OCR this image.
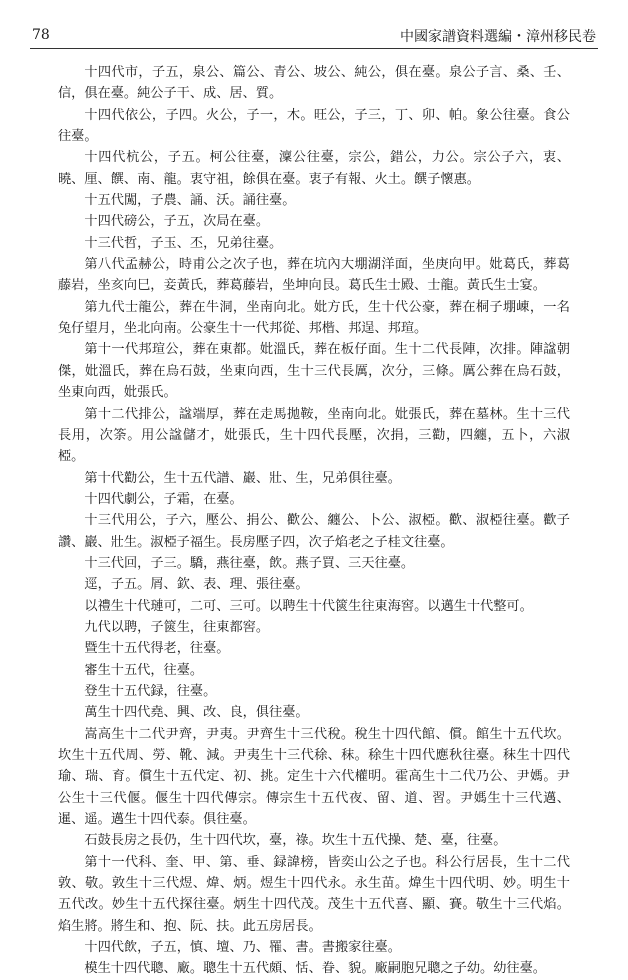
78	中國家譜資料選編・漳州移民卷

十四代市，子五，泉公、篇公、青公、坡公、純公，俱在臺。泉公子言、桑、壬、信，俱在臺。純公子干、成、居、質。

十四代依公，子四。火公，子一，木。旺公，子三，丁、卯、帕。象公往臺。食公往臺。

十四代杭公，子五。柯公往臺，澟公往臺，宗公，錯公，力公。宗公子六，衷、曉、厘、饌、南、龍。衷守祖，餘俱在臺。衷子有報、火土。饌子懷惠。

十五代闖，子農、誦、沃。誦往臺。

十四代磅公，子五，次局在臺。

十三代哲，子玉、丕，兄弟往臺。

第八代孟赫公，時甫公之次子也，葬在坑內大堋湖洋面，坐庚向甲。妣葛氏，葬葛藤岩，坐亥向巳，妾黃氏，葬葛藤岩，坐坤向艮。葛氏生士殿、士龍。黃氏生士宴。

第九代士龍公，葬在牛洞，坐南向北。妣方氏，生十代公豪，葬在桐子堋崠，一名兔仔望月，坐北向南。公豪生十一代邦從、邦楷、邦逞、邦瑄。

第十一代邦瑄公，葬在東都。妣溫氏，葬在板仔面。生十二代長陣，次排。陣諡朝傑，妣溫氏，葬在烏石鼓，坐東向西，生十三代長厲，次分，三條。厲公葬在烏石鼓，坐東向西，妣張氏。

第十二代排公，諡端厚，葬在走馬拋鞍，坐南向北。妣張氏，葬在墓林。生十三代長用，次筡。用公諡儲才，妣張氏，生十四代長壓，次捐，三勸，四纏，五卜，六淑椏。

第十代勸公，生十五代譜、巖、壯、生，兄弟俱往臺。

十四代劇公，子霜，在臺。

十三代用公，子六，壓公、捐公、歡公、纏公、卜公、淑椏。歡、淑椏往臺。歡子讚、巖、壯生。淑椏子福生。長房壓子四，次子焰老之子桂文往臺。

十三代回，子三。驕，燕往臺，飲。燕子買、三天往臺。

逕，子五。屑、欽、表、理、張往臺。

以禮生十代璉可，二可、三可。以聘生十代篋生往東海窖。以邁生十代整可。

九代以聘，子篋生，往東都窖。

暨生十五代得老，往臺。

審生十五代，往臺。

登生十五代録，往臺。

萬生十四代堯、興、改、良，俱往臺。

嵩高生十二代尹齊，尹夷。尹齊生十三代稅。稅生十四代館、償。館生十五代坎。坎生十五代周、勞、靴、減。尹夷生十三代稌、秣。稌生十四代應秋往臺。秣生十四代瑜、瑞、育。償生十五代定、初、挑。定生十六代權明。霍高生十二代乃公、尹媽。尹公生十三代偃。偃生十四代傳宗。傳宗生十五代夜、留、道、習。尹媽生十三代邁、暹、遥。邁生十四代泰。俱往臺。

石鼓長房之長仍，生十四代坎，臺，祿。坎生十五代操、楚、臺，往臺。

第十一代科、奎、甲、第、垂、録諱榜，皆奕山公之子也。科公行居長，生十二代敦、敬。敦生十三代煜、煒、炳。煜生十四代永。永生苗。煒生十四代明、妙。明生十五代改。妙生十五代探往臺。炳生十四代茂。茂生十五代喜、顯、賽。敬生十三代焰。焰生將。將生和、抱、阮、扶。此五房居長。

十四代飲，子五，慎、壇、乃、罹、書。書搬家往臺。

模生十四代聰、廠。聰生十五代頗、恬、眷、貌。廠嗣胞兄聰之子幼。幼往臺。
